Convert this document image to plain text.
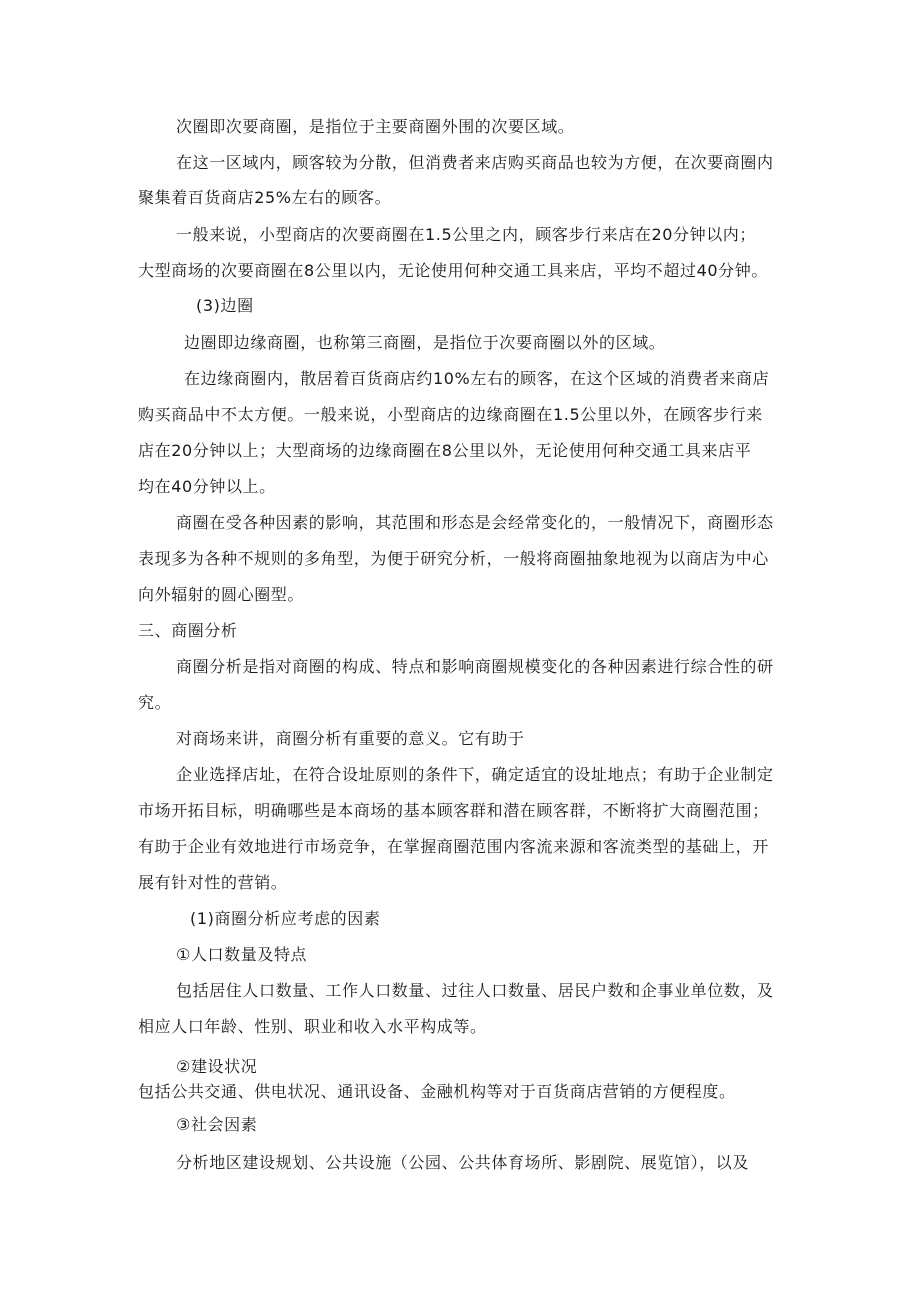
次圈即次要商圈，是指位于主要商圈外围的次要区域。
在这一区域内，顾客较为分散，但消费者来店购买商品也较为方便，在次要商圈内
聚集着百货商店25%左右的顾客。
一般来说，小型商店的次要商圈在1.5公里之内，顾客步行来店在20分钟以内；
大型商场的次要商圈在8公里以内，无论使用何种交通工具来店，平均不超过40分钟。
(3)边圈
边圈即边缘商圈，也称第三商圈，是指位于次要商圈以外的区域。
在边缘商圈内，散居着百货商店约10%左右的顾客，在这个区域的消费者来商店
购买商品中不太方便。一般来说，小型商店的边缘商圈在1.5公里以外，在顾客步行来
店在20分钟以上；大型商场的边缘商圈在8公里以外，无论使用何种交通工具来店平
均在40分钟以上。
商圈在受各种因素的影响，其范围和形态是会经常变化的，一般情况下，商圈形态
表现多为各种不规则的多角型，为便于研究分析，一般将商圈抽象地视为以商店为中心
向外辐射的圆心圈型。
三、商圈分析
商圈分析是指对商圈的构成、特点和影响商圈规模变化的各种因素进行综合性的研
究。
对商场来讲，商圈分析有重要的意义。它有助于
企业选择店址，在符合设址原则的条件下，确定适宜的设址地点；有助于企业制定
市场开拓目标，明确哪些是本商场的基本顾客群和潜在顾客群，不断将扩大商圈范围；
有助于企业有效地进行市场竞争，在掌握商圈范围内客流来源和客流类型的基础上，开
展有针对性的营销。
(1)商圈分析应考虑的因素
①人口数量及特点
包括居住人口数量、工作人口数量、过往人口数量、居民户数和企事业单位数，及
相应人口年龄、性别、职业和收入水平构成等。
②建设状况
包括公共交通、供电状况、通讯设备、金融机构等对于百货商店营销的方便程度。
③社会因素
分析地区建设规划、公共设施（公园、公共体育场所、影剧院、展览馆），以及
